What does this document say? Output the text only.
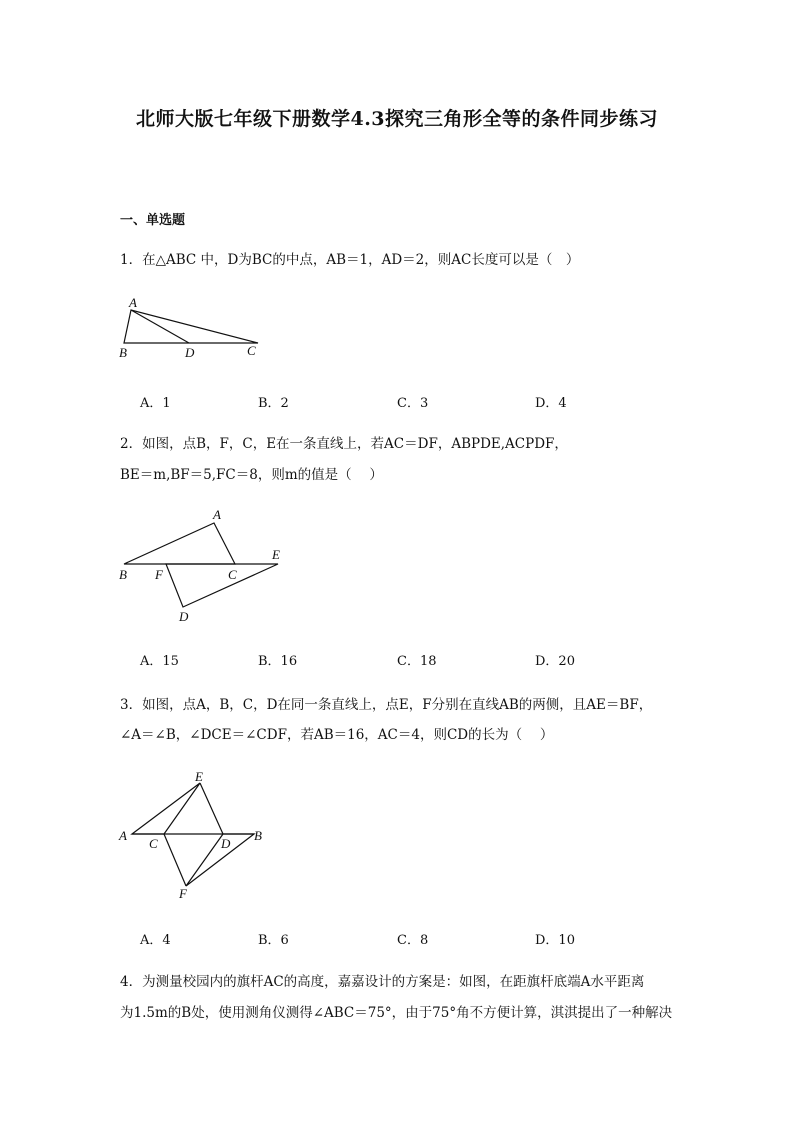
北师大版七年级下册数学4.3探究三角形全等的条件同步练习
一、单选题
1．在△ABC 中，D为BC的中点，AB＝1，AD＝2，则AC长度可以是（　）
A
B	D	C
A．1	B．2	C．3	D．4
2．如图，点B，F，C，E在一条直线上，若AC＝DF，ABPDE,ACPDF，
BE＝m,BF＝5,FC＝8，则m的值是（　 ）
A
B F	C
E
D
A．15	B．16	C．18	D．20
3．如图，点A，B，C，D在同一条直线上，点E，F分别在直线AB的两侧，且AE＝BF，
∠A＝∠B，∠DCE＝∠CDF，若AB＝16，AC＝4，则CD的长为（　 ）
E
A
C	D
B
F
A．4	B．6	C．8	D．10
4．为测量校园内的旗杆AC的高度，嘉嘉设计的方案是：如图，在距旗杆底端A水平距离
为1.5m的B处，使用测角仪测得∠ABC＝75°，由于75°角不方便计算，淇淇提出了一种解决
